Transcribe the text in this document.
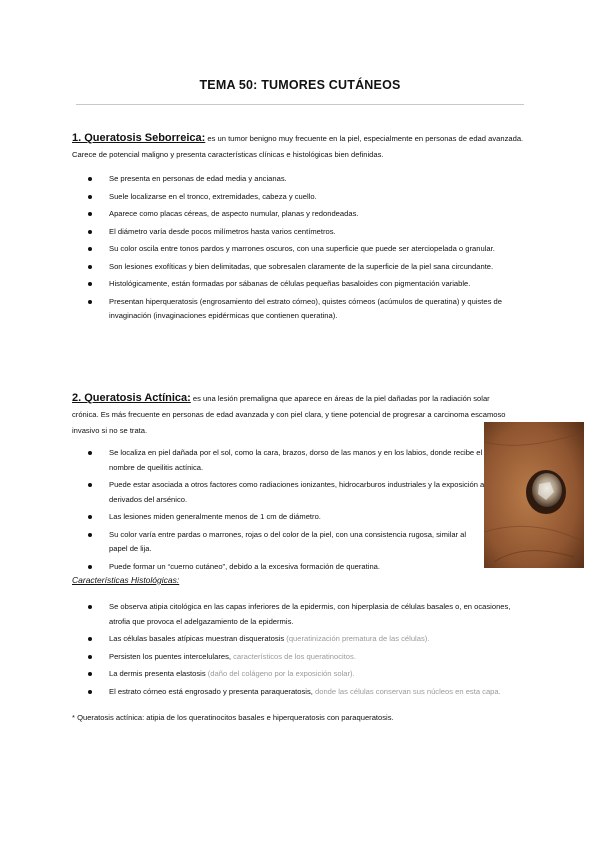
TEMA 50: TUMORES CUTÁNEOS
1. Queratosis Seborreica: es un tumor benigno muy frecuente en la piel, especialmente en personas de edad avanzada. Carece de potencial maligno y presenta características clínicas e histológicas bien definidas.
Se presenta en personas de edad media y ancianas.
Suele localizarse en el tronco, extremidades, cabeza y cuello.
Aparece como placas céreas, de aspecto numular, planas y redondeadas.
El diámetro varía desde pocos milímetros hasta varios centímetros.
Su color oscila entre tonos pardos y marrones oscuros, con una superficie que puede ser aterciopelada o granular.
Son lesiones exofíticas y bien delimitadas, que sobresalen claramente de la superficie de la piel sana circundante.
Histológicamente, están formadas por sábanas de células pequeñas basaloides con pigmentación variable.
Presentan hiperqueratosis (engrosamiento del estrato córneo), quistes córneos (acúmulos de queratina) y quistes de invaginación (invaginaciones epidérmicas que contienen queratina).
2. Queratosis Actínica: es una lesión premaligna que aparece en áreas de la piel dañadas por la radiación solar crónica. Es más frecuente en personas de edad avanzada y con piel clara, y tiene potencial de progresar a carcinoma escamoso invasivo si no se trata.
Se localiza en piel dañada por el sol, como la cara, brazos, dorso de las manos y en los labios, donde recibe el nombre de queilitis actínica.
Puede estar asociada a otros factores como radiaciones ionizantes, hidrocarburos industriales y la exposición a derivados del arsénico.
Las lesiones miden generalmente menos de 1 cm de diámetro.
Su color varía entre pardas o marrones, rojas o del color de la piel, con una consistencia rugosa, similar al papel de lija.
Puede formar un “cuerno cutáneo”, debido a la excesiva formación de queratina.
Características Histológicas:
Se observa atipia citológica en las capas inferiores de la epidermis, con hiperplasia de células basales o, en ocasiones, atrofia que provoca el adelgazamiento de la epidermis.
Las células basales atípicas muestran disqueratosis (queratinización prematura de las células).
Persisten los puentes intercelulares, característicos de los queratinocitos.
La dermis presenta elastosis (daño del colágeno por la exposición solar).
El estrato córneo está engrosado y presenta paraqueratosis, donde las células conservan sus núcleos en esta capa.
* Queratosis actínica: atipia de los queratinocitos basales e hiperqueratosis con paraqueratosis.
